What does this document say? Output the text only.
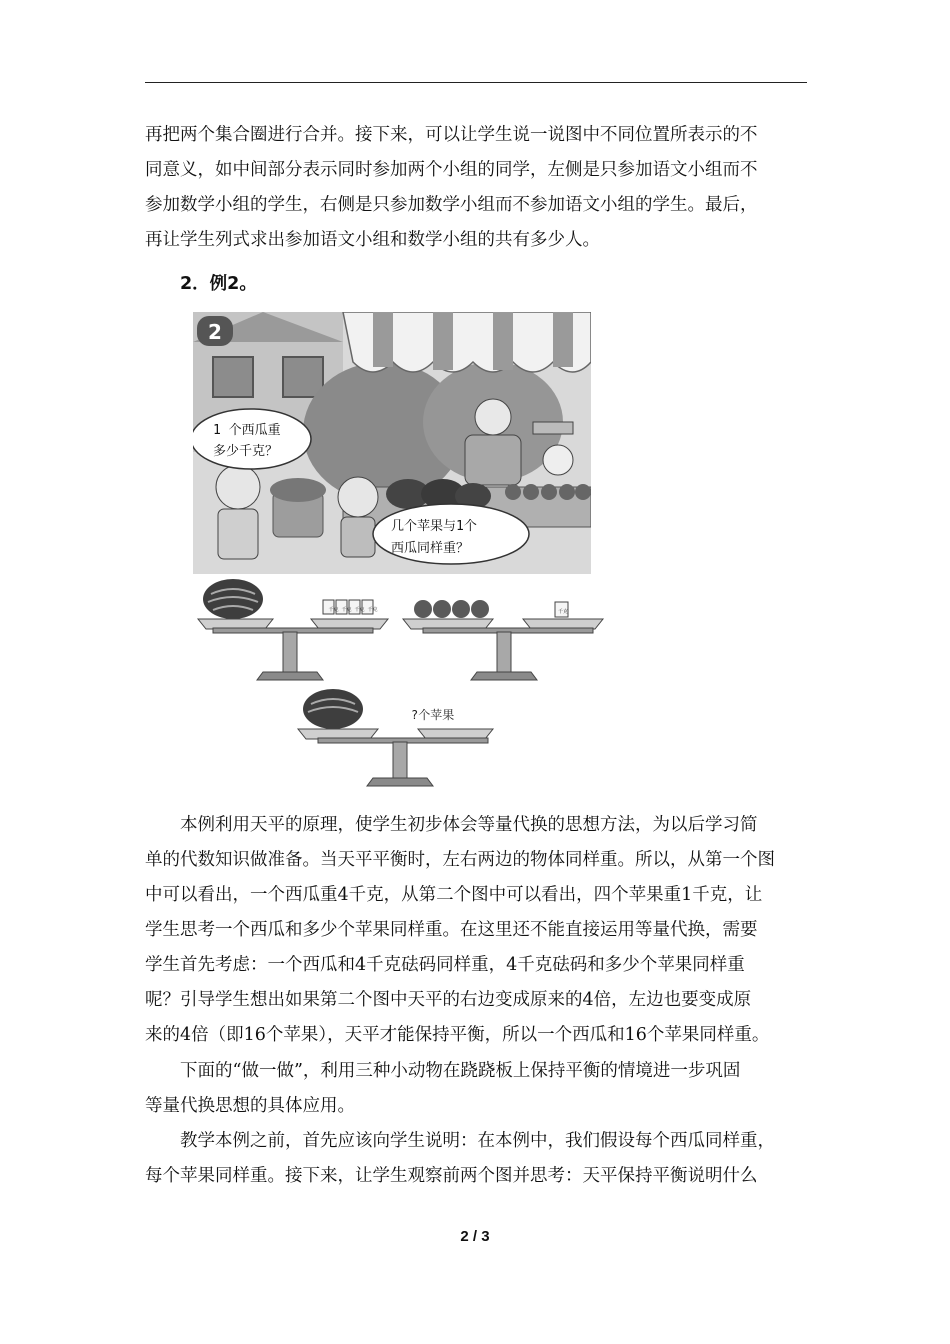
再把两个集合圈进行合并。接下来，可以让学生说一说图中不同位置所表示的不
同意义，如中间部分表示同时参加两个小组的同学，左侧是只参加语文小组而不
参加数学小组的学生，右侧是只参加数学小组而不参加语文小组的学生。最后，
再让学生列式求出参加语文小组和数学小组的共有多少人。

2．例2。
2
1 个西瓜重
多少千克？
几个苹果与1个
西瓜同样重？
千克 千克 千克 千克	千克
?个苹果

本例利用天平的原理，使学生初步体会等量代换的思想方法，为以后学习简
单的代数知识做准备。当天平平衡时，左右两边的物体同样重。所以，从第一个图
中可以看出，一个西瓜重4千克，从第二个图中可以看出，四个苹果重1千克，让
学生思考一个西瓜和多少个苹果同样重。在这里还不能直接运用等量代换，需要
学生首先考虑：一个西瓜和4千克砝码同样重，4千克砝码和多少个苹果同样重
呢？引导学生想出如果第二个图中天平的右边变成原来的4倍，左边也要变成原
来的4倍（即16个苹果），天平才能保持平衡，所以一个西瓜和16个苹果同样重。

下面的“做一做”，利用三种小动物在跷跷板上保持平衡的情境进一步巩固
等量代换思想的具体应用。

教学本例之前，首先应该向学生说明：在本例中，我们假设每个西瓜同样重，
每个苹果同样重。接下来，让学生观察前两个图并思考：天平保持平衡说明什么

2 / 3
